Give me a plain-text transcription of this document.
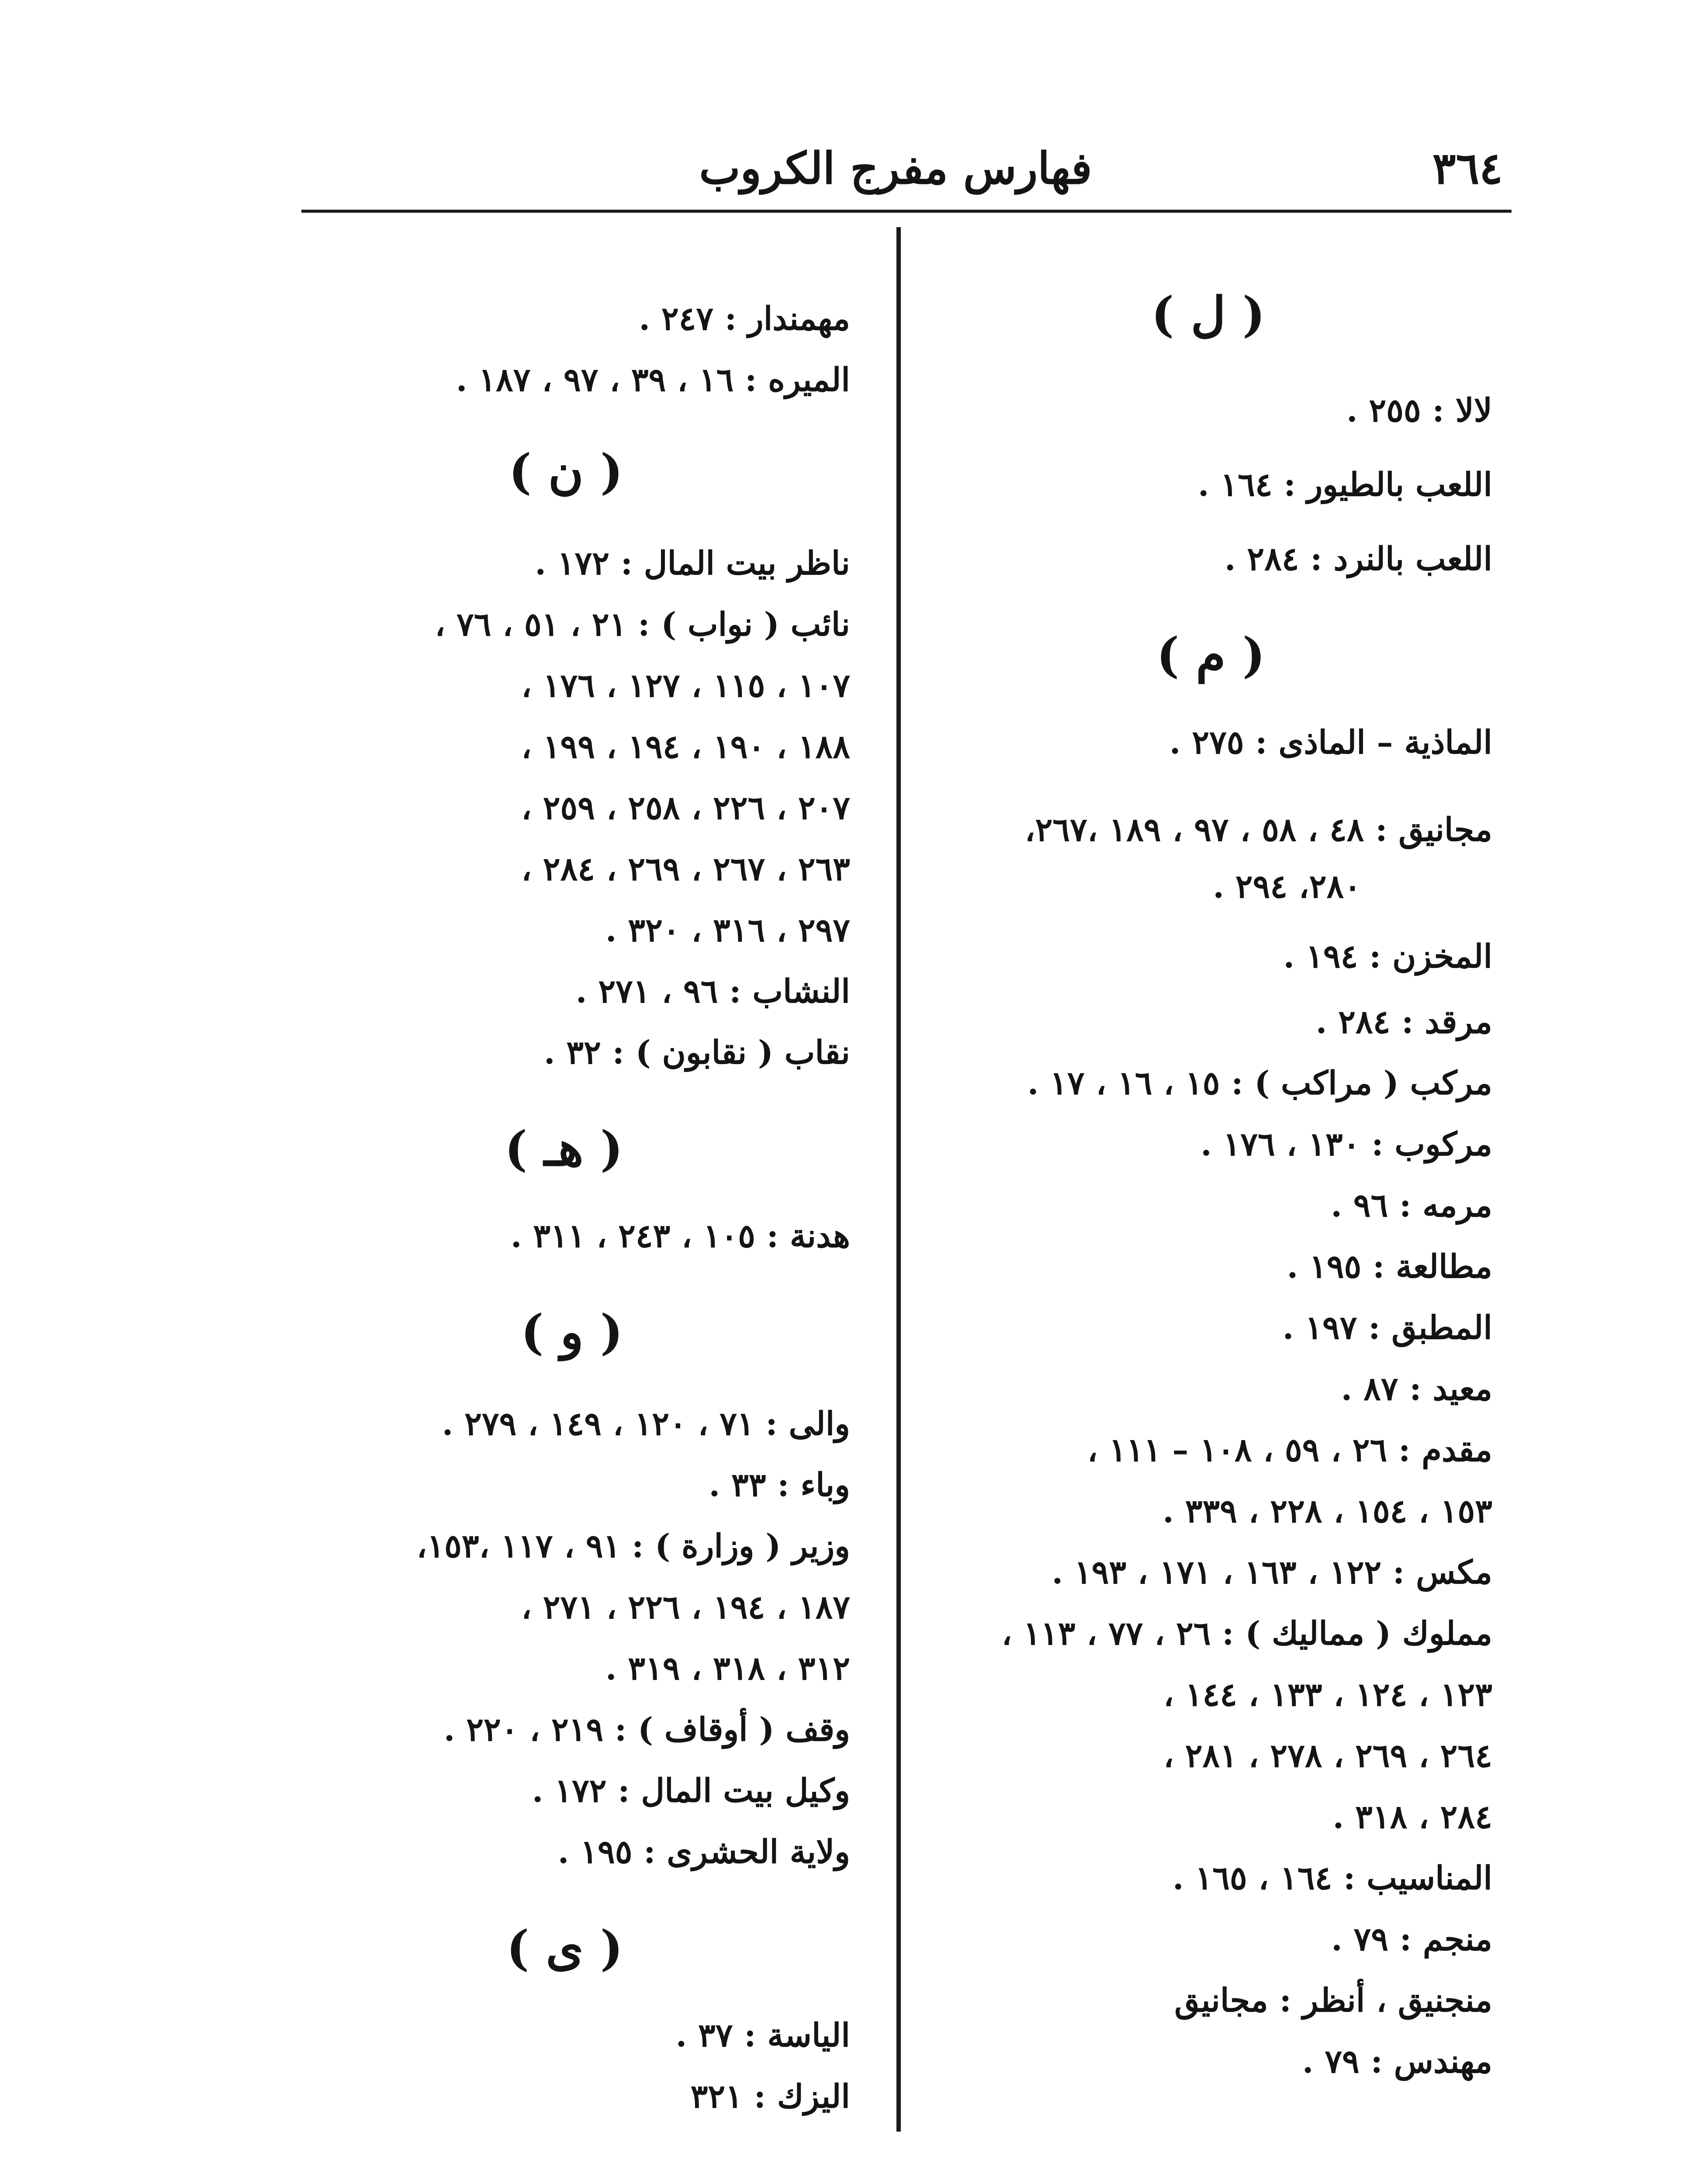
٣٦٤
فهارس مفرج الكروب
( ل )
لالا : ٢٥٥ .
اللعب بالطيور : ١٦٤ .
اللعب بالنرد : ٢٨٤ .
( م )
الماذية – الماذى : ٢٧٥ .
مجانيق : ٤٨ ، ٥٨ ، ٩٧ ، ١٨٩ ،٢٦٧،
٢٨٠، ٢٩٤ .
المخزن : ١٩٤ .
مرقد : ٢٨٤ .
مركب ( مراكب ) : ١٥ ، ١٦ ، ١٧ .
مركوب : ١٣٠ ، ١٧٦ .
مرمه : ٩٦ .
مطالعة : ١٩٥ .
المطبق : ١٩٧ .
معيد : ٨٧ .
مقدم : ٢٦ ، ٥٩ ، ١٠٨ – ١١١ ،
١٥٣ ، ١٥٤ ، ٢٢٨ ، ٣٣٩ .
مكس : ١٢٢ ، ١٦٣ ، ١٧١ ، ١٩٣ .
مملوك ( مماليك ) : ٢٦ ، ٧٧ ، ١١٣ ،
١٢٣ ، ١٢٤ ، ١٣٣ ، ١٤٤ ،
٢٦٤ ، ٢٦٩ ، ٢٧٨ ، ٢٨١ ،
٢٨٤ ، ٣١٨ .
المناسيب : ١٦٤ ، ١٦٥ .
منجم : ٧٩ .
منجنيق ، أنظر : مجانيق
مهندس : ٧٩ .
مهمندار : ٢٤٧ .
الميره : ١٦ ، ٣٩ ، ٩٧ ، ١٨٧ .
( ن )
ناظر بيت المال : ١٧٢ .
نائب ( نواب ) : ٢١ ، ٥١ ، ٧٦ ،
١٠٧ ، ١١٥ ، ١٢٧ ، ١٧٦ ،
١٨٨ ، ١٩٠ ، ١٩٤ ، ١٩٩ ،
٢٠٧ ، ٢٢٦ ، ٢٥٨ ، ٢٥٩ ،
٢٦٣ ، ٢٦٧ ، ٢٦٩ ، ٢٨٤ ،
٢٩٧ ، ٣١٦ ، ٣٢٠ .
النشاب : ٩٦ ، ٢٧١ .
نقاب ( نقابون ) : ٣٢ .
( هـ )
هدنة : ١٠٥ ، ٢٤٣ ، ٣١١ .
( و )
والى : ٧١ ، ١٢٠ ، ١٤٩ ، ٢٧٩ .
وباء : ٣٣ .
وزير ( وزارة ) : ٩١ ، ١١٧ ،١٥٣،
١٨٧ ، ١٩٤ ، ٢٢٦ ، ٢٧١ ،
٣١٢ ، ٣١٨ ، ٣١٩ .
وقف ( أوقاف ) : ٢١٩ ، ٢٢٠ .
وكيل بيت المال : ١٧٢ .
ولاية الحشرى : ١٩٥ .
( ى )
الياسة : ٣٧ .
اليزك : ٣٢١
